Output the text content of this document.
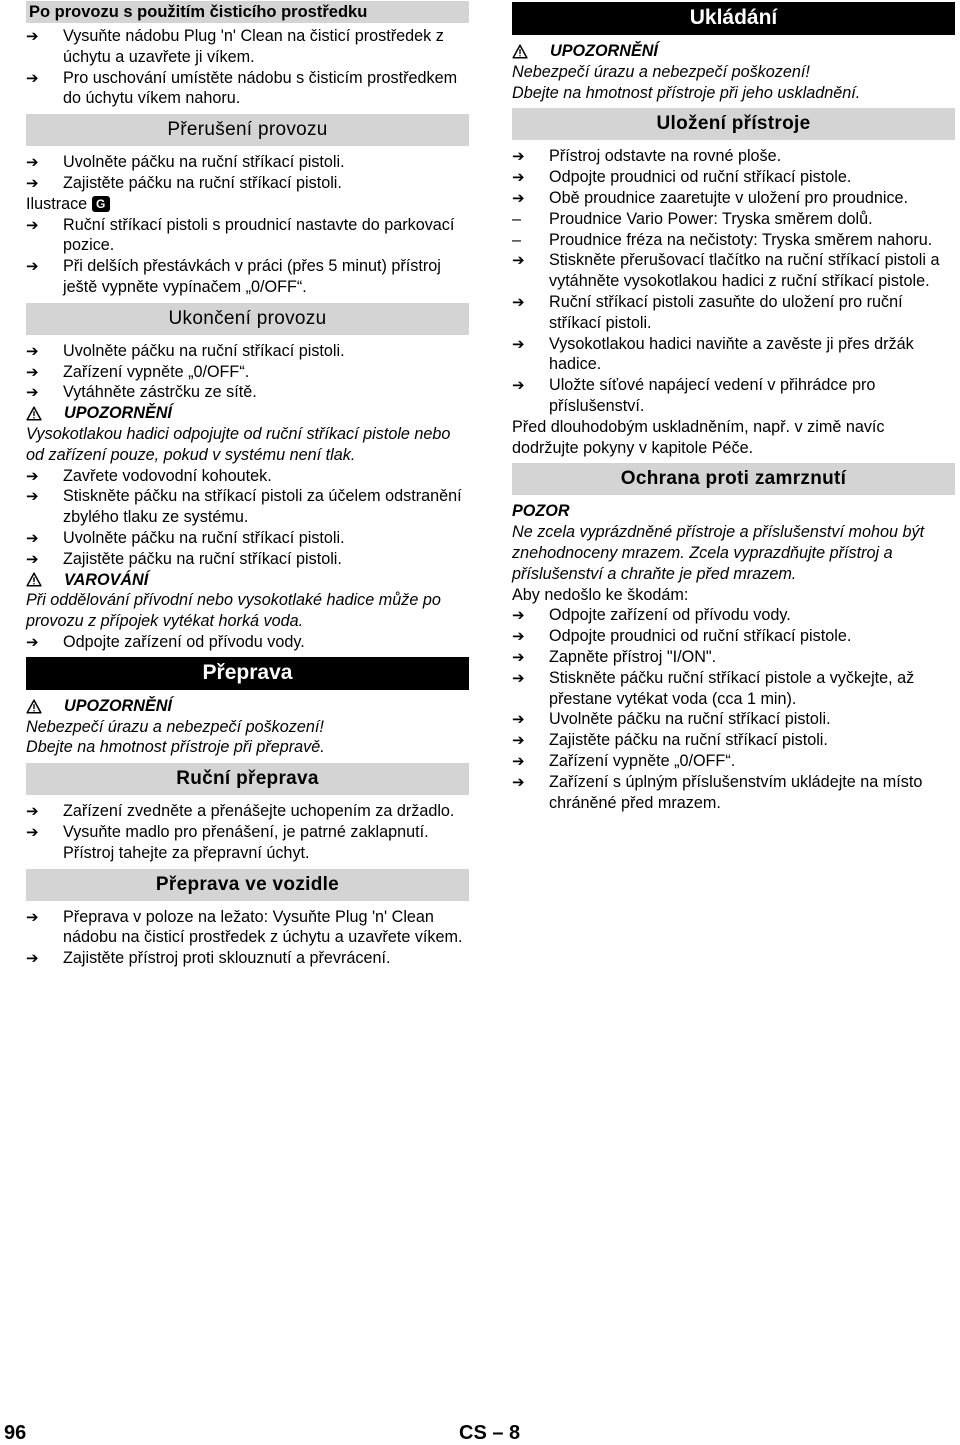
Po provozu s použitím čisticího prostředku
➔	Vysuňte nádobu Plug 'n' Clean na čisticí prostředek z úchytu a uzavřete ji víkem.
➔	Pro uschování umístěte nádobu s čisticím prostředkem do úchytu víkem nahoru.
Přerušení provozu
➔	Uvolněte páčku na ruční stříkací pistoli.
➔	Zajistěte páčku na ruční stříkací pistoli.
Ilustrace G
➔	Ruční stříkací pistoli s proudnicí nastavte do parkovací pozice.
➔	Při delších přestávkách v práci (přes 5 minut) přístroj ještě vypněte vypínačem „0/OFF“.
Ukončení provozu
➔	Uvolněte páčku na ruční stříkací pistoli.
➔	Zařízení vypněte „0/OFF“.
➔	Vytáhněte zástrčku ze sítě.
UPOZORNĚNÍ
Vysokotlakou hadici odpojujte od ruční stříkací pistole nebo od zařízení pouze, pokud v systému není tlak.
➔	Zavřete vodovodní kohoutek.
➔	Stiskněte páčku na stříkací pistoli za účelem odstranění zbylého tlaku ze systému.
➔	Uvolněte páčku na ruční stříkací pistoli.
➔	Zajistěte páčku na ruční stříkací pistoli.
VAROVÁNÍ
Při oddělování přívodní nebo vysokotlaké hadice může po provozu z přípojek vytékat horká voda.
➔	Odpojte zařízení od přívodu vody.
Přeprava
UPOZORNĚNÍ
Nebezpečí úrazu a nebezpečí poškození!
Dbejte na hmotnost přístroje při přepravě.
Ruční přeprava
➔	Zařízení zvedněte a přenášejte uchopením za držadlo.
➔	Vysuňte madlo pro přenášení, je patrné zaklapnutí. Přístroj tahejte za přepravní úchyt.
Přeprava ve vozidle
➔	Přeprava v poloze na ležato: Vysuňte Plug 'n' Clean nádobu na čisticí prostředek z úchytu a uzavřete víkem.
➔	Zajistěte přístroj proti sklouznutí a převrácení.
Ukládání
UPOZORNĚNÍ
Nebezpečí úrazu a nebezpečí poškození!
Dbejte na hmotnost přístroje při jeho uskladnění.
Uložení přístroje
➔	Přístroj odstavte na rovné ploše.
➔	Odpojte proudnici od ruční stříkací pistole.
➔	Obě proudnice zaaretujte v uložení pro proudnice.
–	Proudnice Vario Power: Tryska směrem dolů.
–	Proudnice fréza na nečistoty: Tryska směrem nahoru.
➔	Stiskněte přerušovací tlačítko na ruční stříkací pistoli a vytáhněte vysokotlakou hadici z ruční stříkací pistole.
➔	Ruční stříkací pistoli zasuňte do uložení pro ruční stříkací pistoli.
➔	Vysokotlakou hadici naviňte a zavěste ji přes držák hadice.
➔	Uložte síťové napájecí vedení v přihrádce pro příslušenství.
Před dlouhodobým uskladněním, např. v zimě navíc dodržujte pokyny v kapitole Péče.
Ochrana proti zamrznutí
POZOR
Ne zcela vyprázdněné přístroje a příslušenství mohou být znehodnoceny mrazem. Zcela vyprazdňujte přístroj a příslušenství a chraňte je před mrazem.
Aby nedošlo ke škodám:
➔	Odpojte zařízení od přívodu vody.
➔	Odpojte proudnici od ruční stříkací pistole.
➔	Zapněte přístroj "I/ON".
➔	Stiskněte páčku ruční stříkací pistole a vyčkejte, až přestane vytékat voda (cca 1 min).
➔	Uvolněte páčku na ruční stříkací pistoli.
➔	Zajistěte páčku na ruční stříkací pistoli.
➔	Zařízení vypněte „0/OFF“.
➔	Zařízení s úplným příslušenstvím ukládejte na místo chráněné před mrazem.
96	CS – 8
